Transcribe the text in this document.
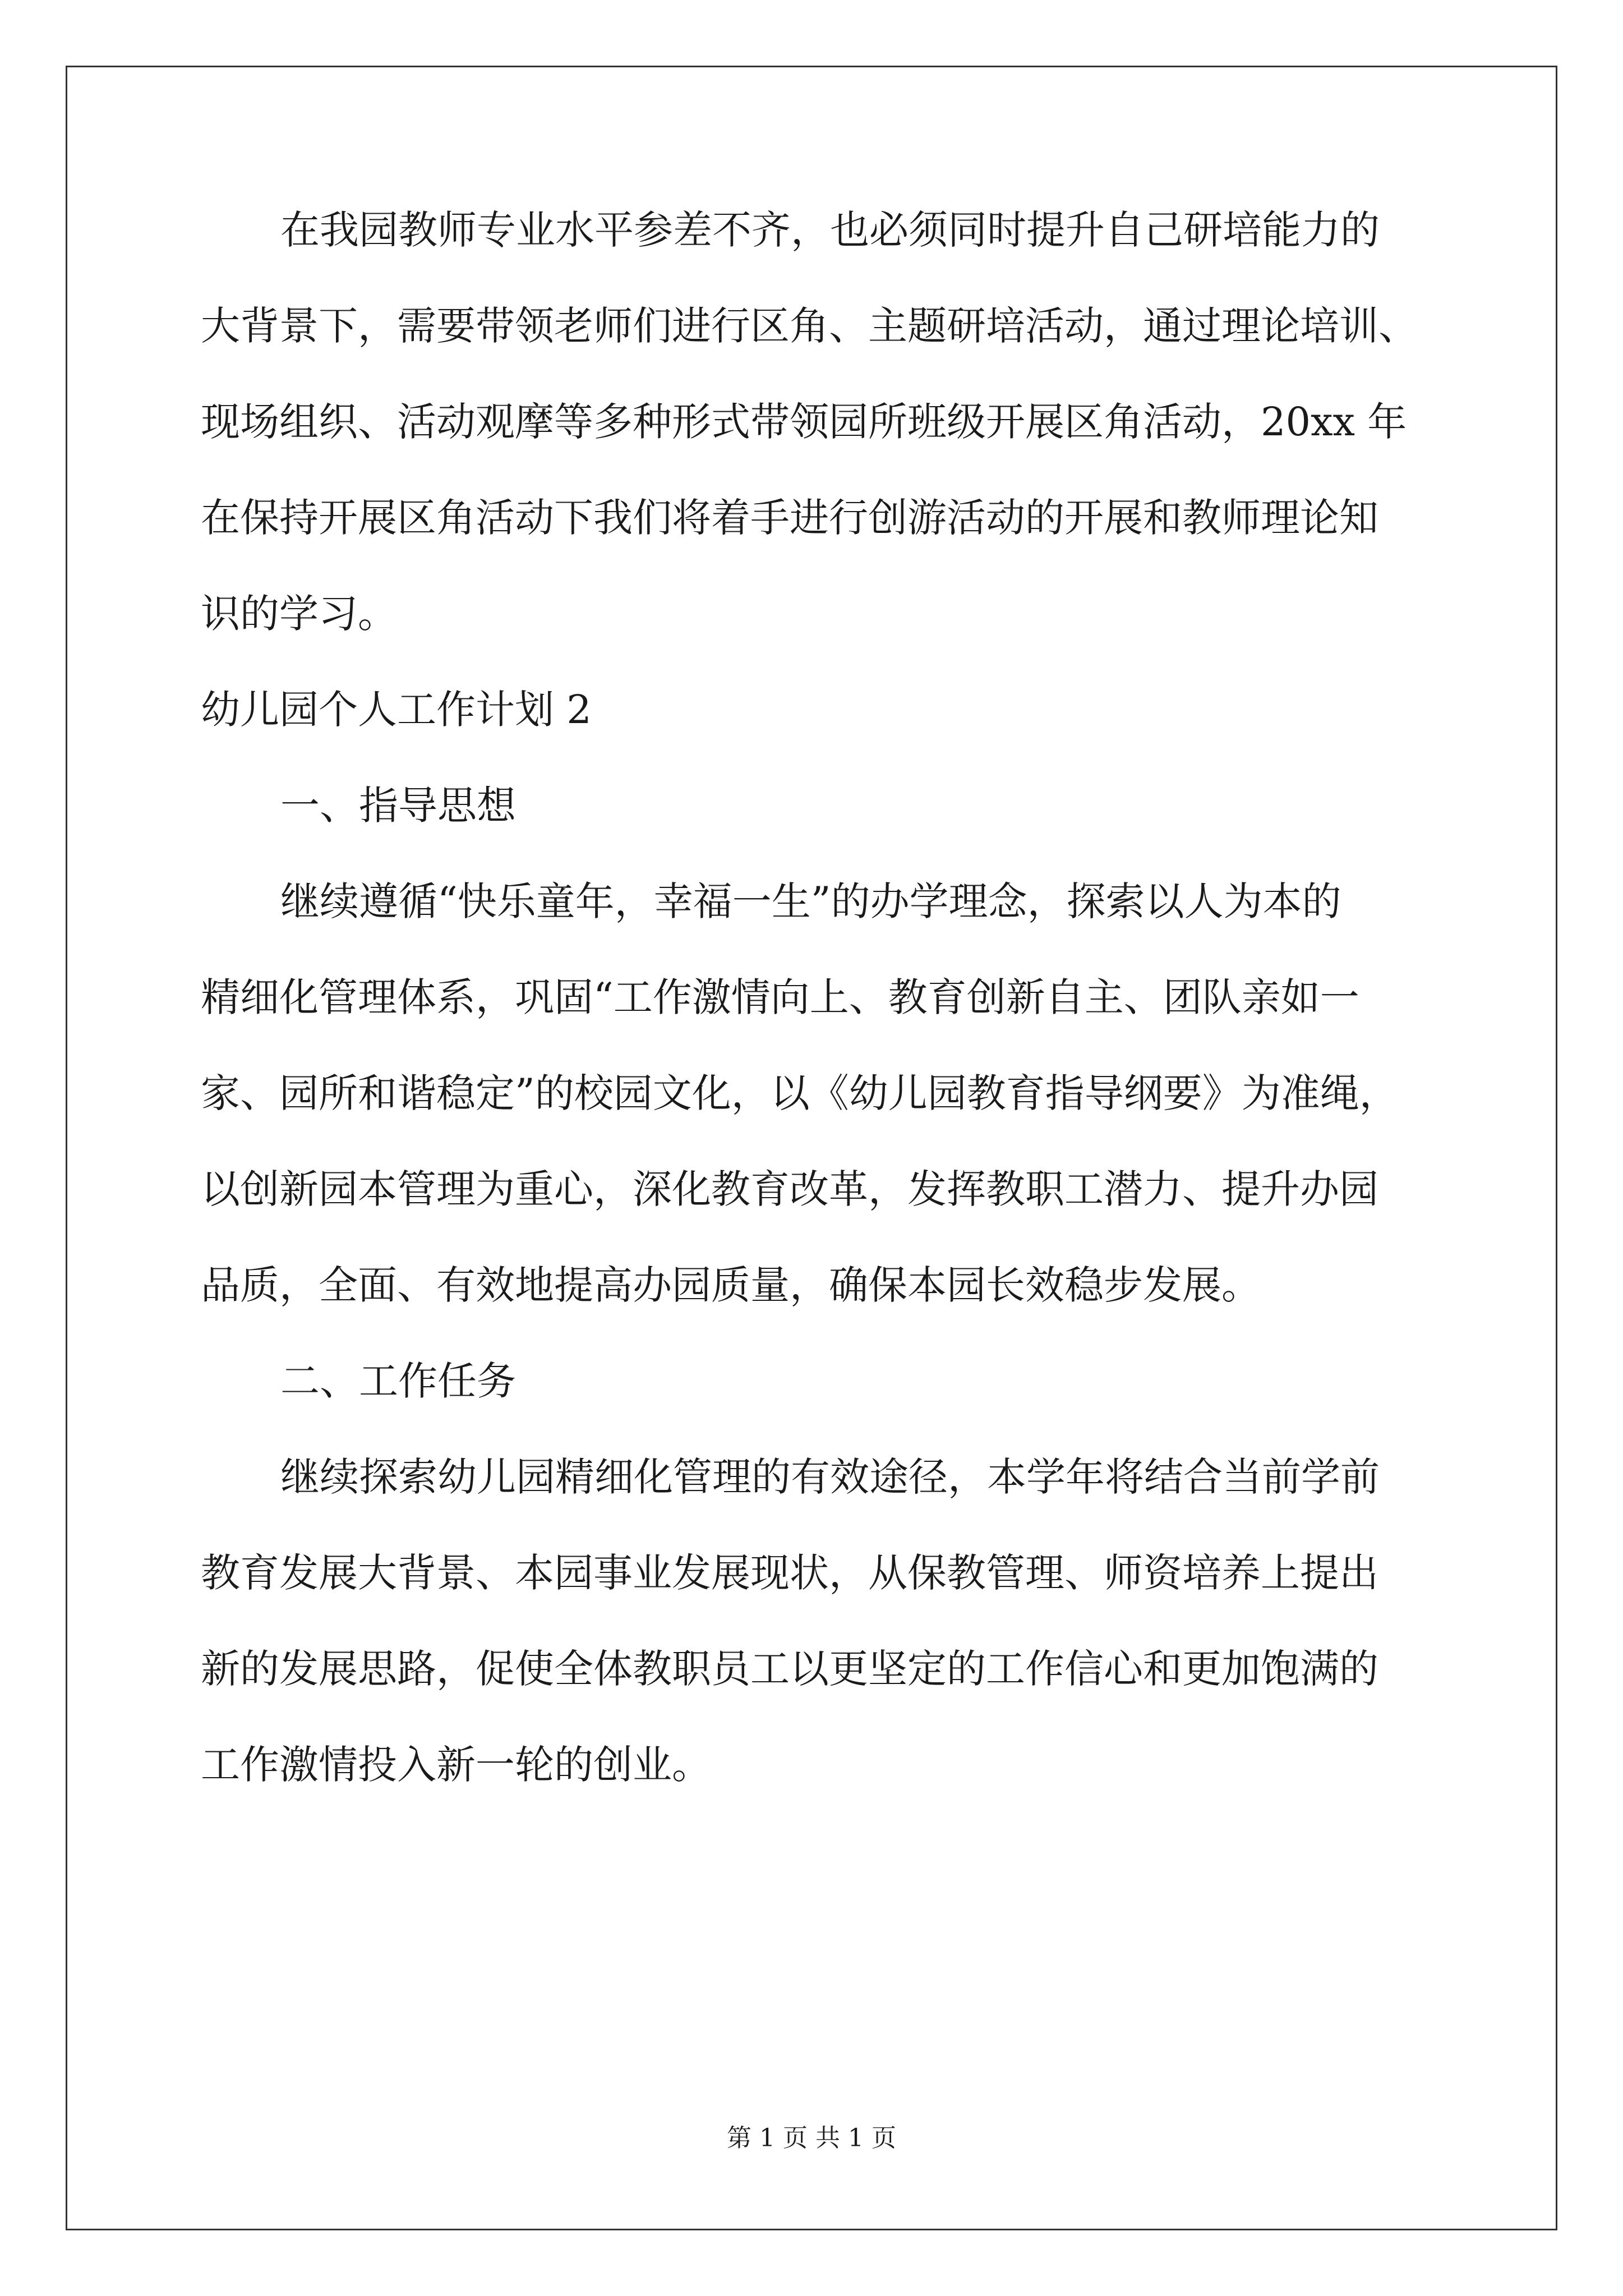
在我园教师专业水平参差不齐，也必须同时提升自己研培能力的
大背景下，需要带领老师们进行区角、主题研培活动，通过理论培训、
现场组织、活动观摩等多种形式带领园所班级开展区角活动，20xx 年
在保持开展区角活动下我们将着手进行创游活动的开展和教师理论知
识的学习。
幼儿园个人工作计划 2
一、指导思想
继续遵循“快乐童年，幸福一生”的办学理念，探索以人为本的
精细化管理体系，巩固“工作激情向上、教育创新自主、团队亲如一
家、园所和谐稳定”的校园文化，以《幼儿园教育指导纲要》为准绳，
以创新园本管理为重心，深化教育改革，发挥教职工潜力、提升办园
品质，全面、有效地提高办园质量，确保本园长效稳步发展。
二、工作任务
继续探索幼儿园精细化管理的有效途径，本学年将结合当前学前
教育发展大背景、本园事业发展现状，从保教管理、师资培养上提出
新的发展思路，促使全体教职员工以更坚定的工作信心和更加饱满的
工作激情投入新一轮的创业。
第 1 页 共 1 页
